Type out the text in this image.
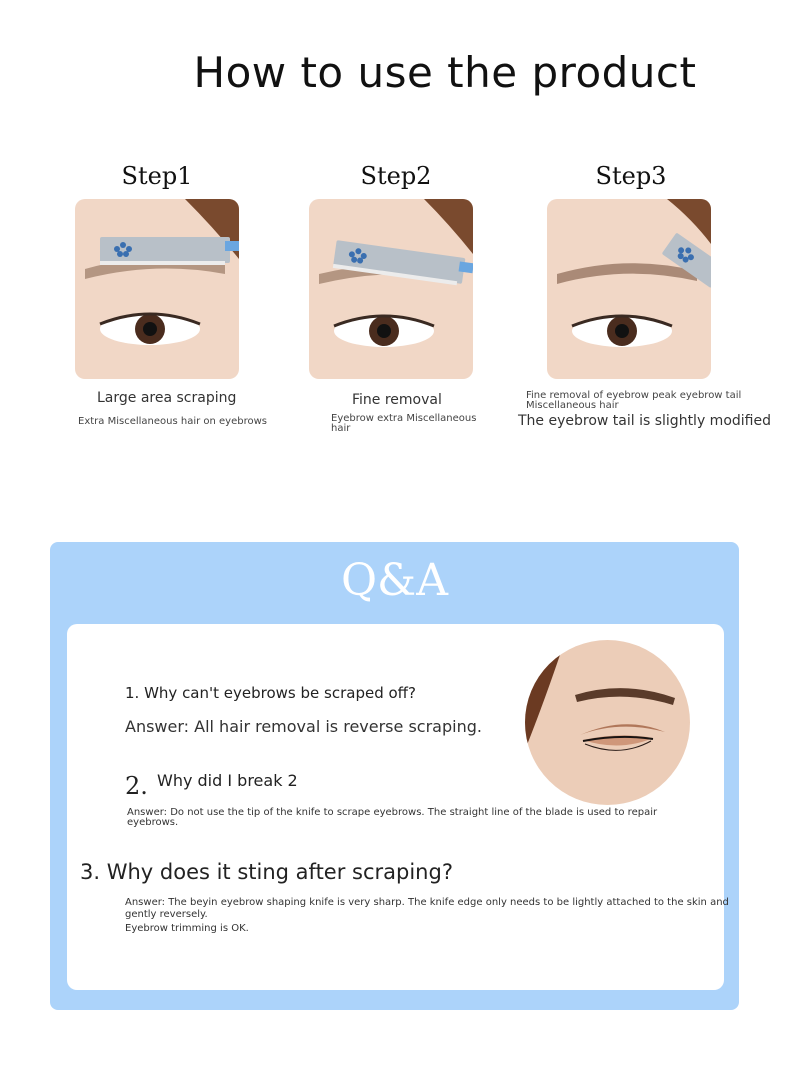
How to use the product
Step1
Large area scraping
Extra Miscellaneous hair on eyebrows
Step2
Fine removal
Eyebrow extra Miscellaneous hair
Step3
Fine removal of eyebrow peak eyebrow tail Miscellaneous hair
The eyebrow tail is slightly modified
Q&A
1. Why can't eyebrows be scraped off?
Answer: All hair removal is reverse scraping.
2. Why did I break 2
Answer: Do not use the tip of the knife to scrape eyebrows. The straight line of the blade is used to repair eyebrows.
3. Why does it sting after scraping?
Answer: The beyin eyebrow shaping knife is very sharp. The knife edge only needs to be lightly attached to the skin and gently reversely.
Eyebrow trimming is OK.
